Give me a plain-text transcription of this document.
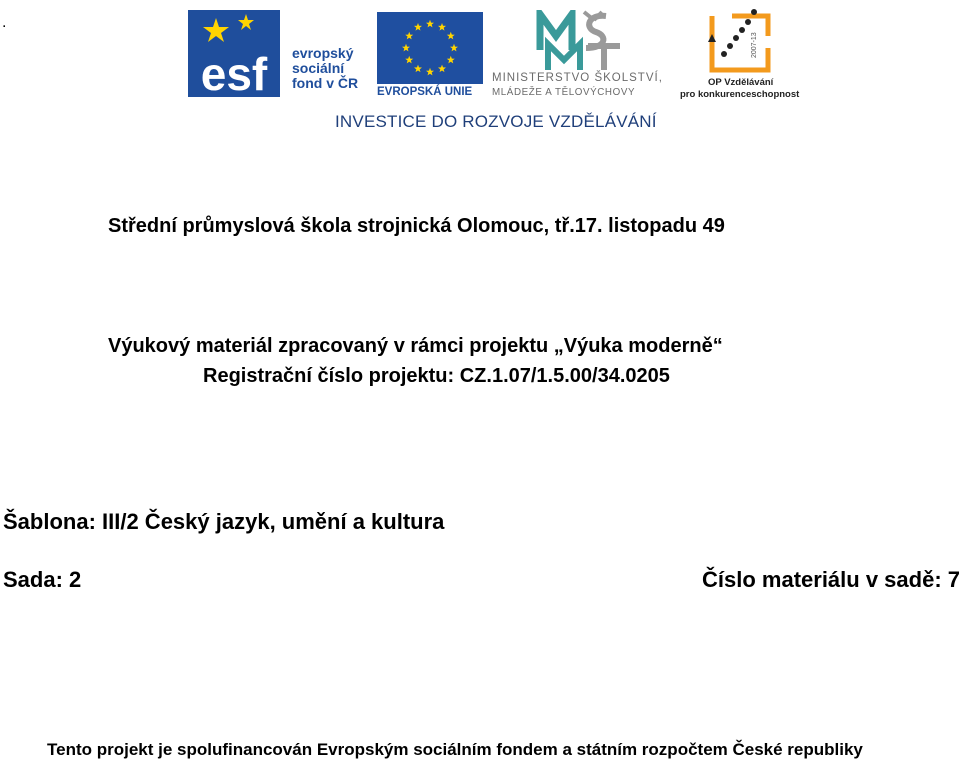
.
esf evropský
sociální
fond v ČR
EVROPSKÁ UNIE
MINISTERSTVO ŠKOLSTVÍ,
MLÁDEŽE A TĚLOVÝCHOVY
2007-13
OP Vzdělávání
pro konkurenceschopnost
INVESTICE DO ROZVOJE VZDĚLÁVÁNÍ
Střední průmyslová škola strojnická Olomouc, tř.17. listopadu 49
Výukový materiál zpracovaný v rámci projektu „Výuka moderně“
Registrační číslo projektu: CZ.1.07/1.5.00/34.0205
Šablona: III/2 Český jazyk, umění a kultura
Sada: 2	Číslo materiálu v sadě: 7
Tento projekt je spolufinancován Evropským sociálním fondem a státním rozpočtem České republiky
